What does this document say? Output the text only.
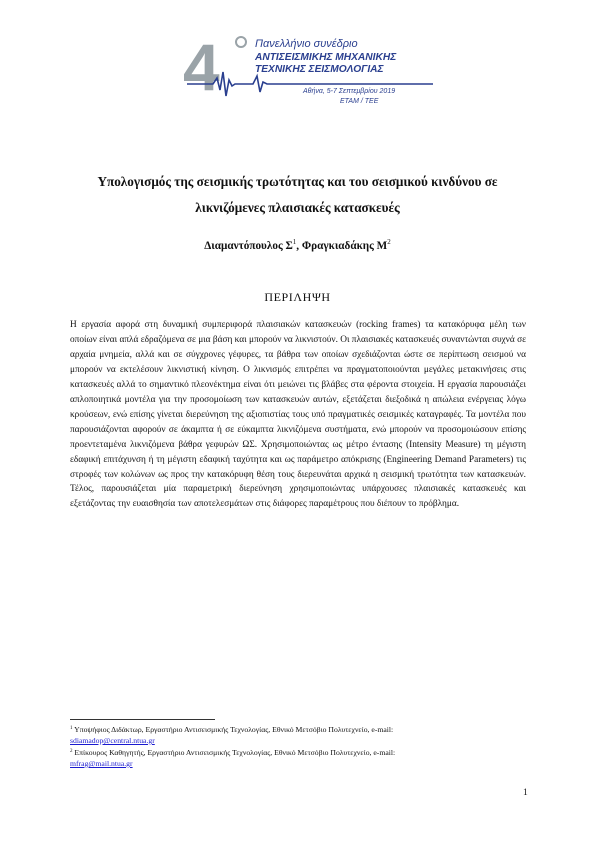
4	Πανελλήνιο συνέδριο
ΑΝΤΙΣΕΙΣΜΙΚΗΣ ΜΗΧΑΝΙΚΗΣ
ΤΕΧΝΙΚΗΣ ΣΕΙΣΜΟΛΟΓΙΑΣ
Αθήνα, 5-7 Σεπτεμβρίου 2019
ETAM / TEE
Υπολογισμός της σεισμικής τρωτότητας και του σεισμικού κινδύνου σε
λικνιζόμενες πλαισιακές κατασκευές
Διαμαντόπουλος $\Sigma^1$, Φραγκιαδάκης $M^2$
ΠΕΡΙΛΗΨΗ

Η εργασία αφορά στη δυναμική συμπεριφορά πλαισιακών κατασκευών (rocking frames) τα κατακόρυφα μέλη των οποίων είναι απλά εδραζόμενα σε μια βάση και μπορούν να λικνιστούν. Οι πλαισιακές κατασκευές συναντώνται συχνά σε αρχαία μνημεία, αλλά και σε σύγχρονες γέφυρες, τα βάθρα των οποίων σχεδιάζονται ώστε σε περίπτωση σεισμού να μπορούν να εκτελέσουν λικνιστική κίνηση. Ο λικνισμός επιτρέπει να πραγματοποιούνται μεγάλες μετακινήσεις στις κατασκευές αλλά το σημαντικό πλεονέκτημα είναι ότι μειώνει τις βλάβες στα φέροντα στοιχεία. Η εργασία παρουσιάζει απλοποιητικά μοντέλα για την προσομοίωση των κατασκευών αυτών, εξετάζεται διεξοδικά η απώλεια ενέργειας λόγω κρούσεων, ενώ επίσης γίνεται διερεύνηση της αξιοπιστίας τους υπό πραγματικές σεισμικές καταγραφές. Τα μοντέλα που παρουσιάζονται αφορούν σε άκαμπτα ή σε εύκαμπτα λικνιζόμενα συστήματα, ενώ μπορούν να προσομοιώσουν επίσης προεντεταμένα λικνιζόμενα βάθρα γεφυρών ΩΣ. Χρησιμοποιώντας ως μέτρο έντασης (Intensity Measure) τη μέγιστη εδαφική επιτάχυνση ή τη μέγιστη εδαφική ταχύτητα και ως παράμετρο απόκρισης (Engineering Demand Parameters) τις στροφές των κολώνων ως προς την κατακόρυφη θέση τους διερευνάται αρχικά η σεισμική τρωτότητα των κατασκευών. Τέλος, παρουσιάζεται μία παραμετρική διερεύνηση χρησιμοποιώντας υπάρχουσες πλαισιακές κατασκευές και εξετάζοντας την ευαισθησία των αποτελεσμάτων στις διάφορες παραμέτρους που διέπουν το πρόβλημα.

$^1$ Υποψήφιος Διδάκτωρ, Εργαστήριο Αντισεισμικής Τεχνολογίας, Εθνικό Μετσόβιο Πολυτεχνείο, e-mail:
sdiamadop@central.ntua.gr

$^2$ Επίκουρος Καθηγητής, Εργαστήριο Αντισεισμικής Τεχνολογίας, Εθνικό Μετσόβιο Πολυτεχνείο, e-mail:
mfrag@mail.ntua.gr

1
